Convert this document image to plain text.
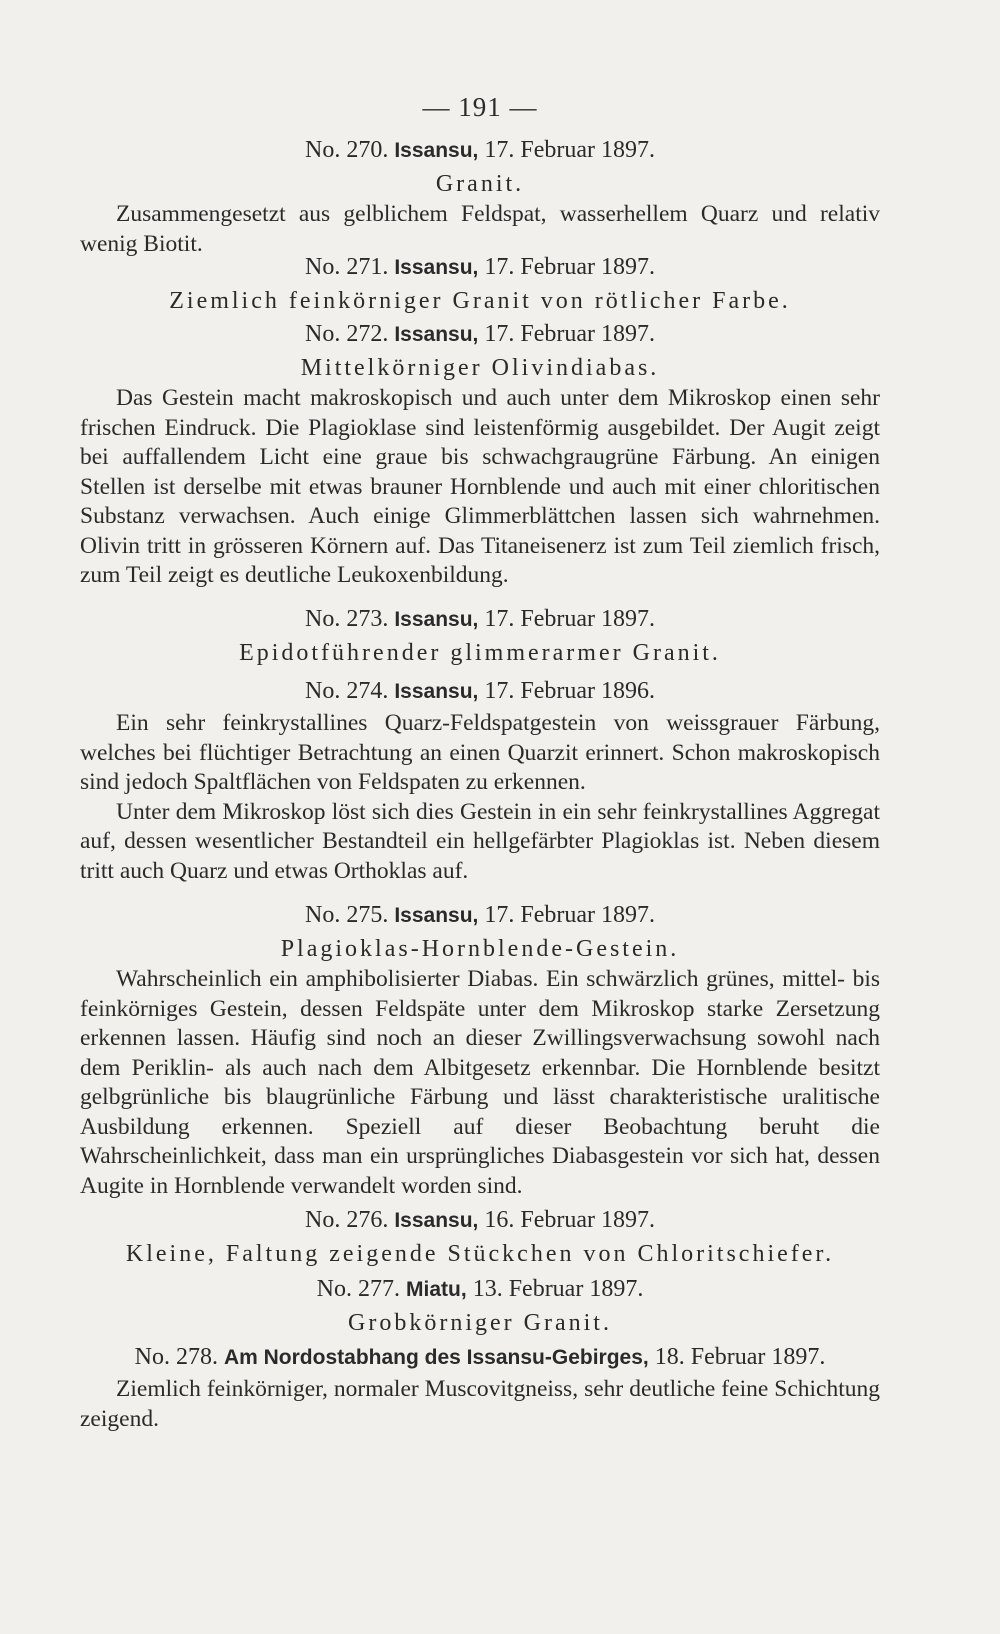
— 191 —
No. 270. Issansu, 17. Februar 1897.
Granit.

Zusammengesetzt aus gelblichem Feldspat, wasserhellem Quarz und relativ wenig Biotit.

No. 271. Issansu, 17. Februar 1897.
Ziemlich feinkörniger Granit von rötlicher Farbe.
No. 272. Issansu, 17. Februar 1897.
Mittelkörniger Olivindiabas.

Das Gestein macht makroskopisch und auch unter dem Mikroskop einen sehr frischen Eindruck. Die Plagioklase sind leistenförmig ausgebildet. Der Augit zeigt bei auffallendem Licht eine graue bis schwachgraugrüne Färbung. An einigen Stellen ist derselbe mit etwas brauner Hornblende und auch mit einer chloritischen Substanz verwachsen. Auch einige Glimmerblättchen lassen sich wahrnehmen. Olivin tritt in grösseren Körnern auf. Das Titaneisenerz ist zum Teil ziemlich frisch, zum Teil zeigt es deutliche Leukoxenbildung.

No. 273. Issansu, 17. Februar 1897.
Epidotführender glimmerarmer Granit.
No. 274. Issansu, 17. Februar 1896.

Ein sehr feinkrystallines Quarz-Feldspatgestein von weissgrauer Färbung, welches bei flüchtiger Betrachtung an einen Quarzit erinnert. Schon makroskopisch sind jedoch Spaltflächen von Feldspaten zu erkennen.

Unter dem Mikroskop löst sich dies Gestein in ein sehr feinkrystallines Aggregat auf, dessen wesentlicher Bestandteil ein hellgefärbter Plagioklas ist. Neben diesem tritt auch Quarz und etwas Orthoklas auf.

No. 275. Issansu, 17. Februar 1897.
Plagioklas-Hornblende-Gestein.

Wahrscheinlich ein amphibolisierter Diabas. Ein schwärzlich grünes, mittel- bis feinkörniges Gestein, dessen Feldspäte unter dem Mikroskop starke Zersetzung erkennen lassen. Häufig sind noch an dieser Zwillingsverwachsung sowohl nach dem Periklin- als auch nach dem Albitgesetz erkennbar. Die Hornblende besitzt gelbgrünliche bis blaugrünliche Färbung und lässt charakteristische uralitische Ausbildung erkennen. Speziell auf dieser Beobachtung beruht die Wahrscheinlichkeit, dass man ein ursprüngliches Diabasgestein vor sich hat, dessen Augite in Hornblende verwandelt worden sind.

No. 276. Issansu, 16. Februar 1897.
Kleine, Faltung zeigende Stückchen von Chloritschiefer.
No. 277. Miatu, 13. Februar 1897.
Grobkörniger Granit.
No. 278. Am Nordostabhang des Issansu-Gebirges, 18. Februar 1897.

Ziemlich feinkörniger, normaler Muscovitgneiss, sehr deutliche feine Schichtung zeigend.
